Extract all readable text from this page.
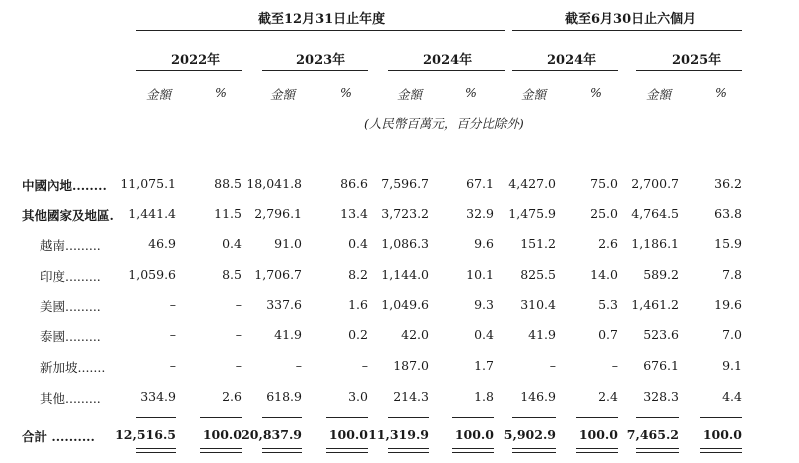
截至12月31日止年度	截至6月30日止六個月
2022年	2023年	2024年	2024年	2025年
金額	%	金額	%	金額	%	金額	%	金額	%
(人民幣百萬元，百分比除外)
中國內地........ 11,075.1	88.5 18,041.8	86.6 7,596.7	67.1 4,427.0	75.0 2,700.7	36.2
其他國家及地區. 1,441.4	11.5 2,796.1	13.4 3,723.2	32.9 1,475.9	25.0 4,764.5	63.8
越南.........	46.9	0.4	91.0	0.4 1,086.3	9.6 151.2	2.6 1,186.1	15.9
印度......... 1,059.6	8.5 1,706.7	8.2 1,144.0	10.1 825.5	14.0 589.2	7.8
美國.........	–	– 337.6	1.6 1,049.6	9.3 310.4	5.3 1,461.2	19.6
泰國.........	–	–	41.9	0.2	42.0	0.4	41.9	0.7 523.6	7.0
新加坡.......	–	–	–	– 187.0	1.7	–	– 676.1	9.1
其他.........	334.9	2.6 618.9	3.0 214.3	1.8 146.9	2.4 328.3	4.4
合計 .......... 12,516.5 100.0 20,837.9 100.0 11,319.9 100.0 5,902.9 100.0 7,465.2 100.0
